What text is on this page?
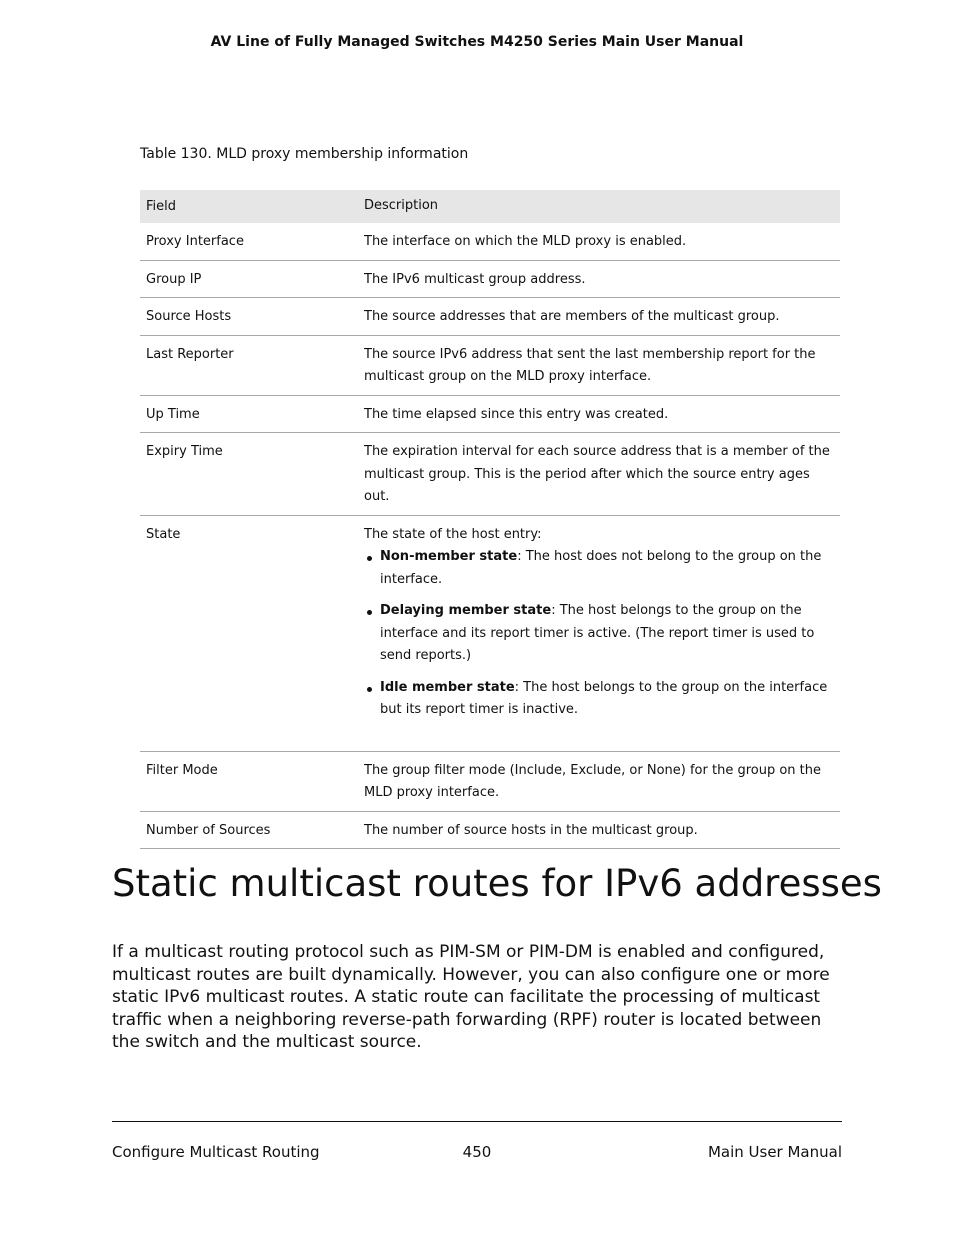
AV Line of Fully Managed Switches M4250 Series Main User Manual
Table 130. MLD proxy membership information
Field	Description
Proxy Interface	The interface on which the MLD proxy is enabled.
Group IP	The IPv6 multicast group address.
Source Hosts	The source addresses that are members of the multicast group.
Last Reporter	The source IPv6 address that sent the last membership report for the multicast group on the MLD proxy interface.
Up Time	The time elapsed since this entry was created.
Expiry Time	The expiration interval for each source address that is a member of the multicast group. This is the period after which the source entry ages out.
State	The state of the host entry:
Non-member state: The host does not belong to the group on the interface.
Delaying member state: The host belongs to the group on the interface and its report timer is active. (The report timer is used to send reports.)
Idle member state: The host belongs to the group on the interface but its report timer is inactive.
Filter Mode	The group filter mode (Include, Exclude, or None) for the group on the MLD proxy interface.
Number of Sources	The number of source hosts in the multicast group.
Static multicast routes for IPv6 addresses
If a multicast routing protocol such as PIM-SM or PIM-DM is enabled and configured, multicast routes are built dynamically. However, you can also configure one or more static IPv6 multicast routes. A static route can facilitate the processing of multicast traffic when a neighboring reverse-path forwarding (RPF) router is located between the switch and the multicast source.
Configure Multicast Routing	450	Main User Manual
